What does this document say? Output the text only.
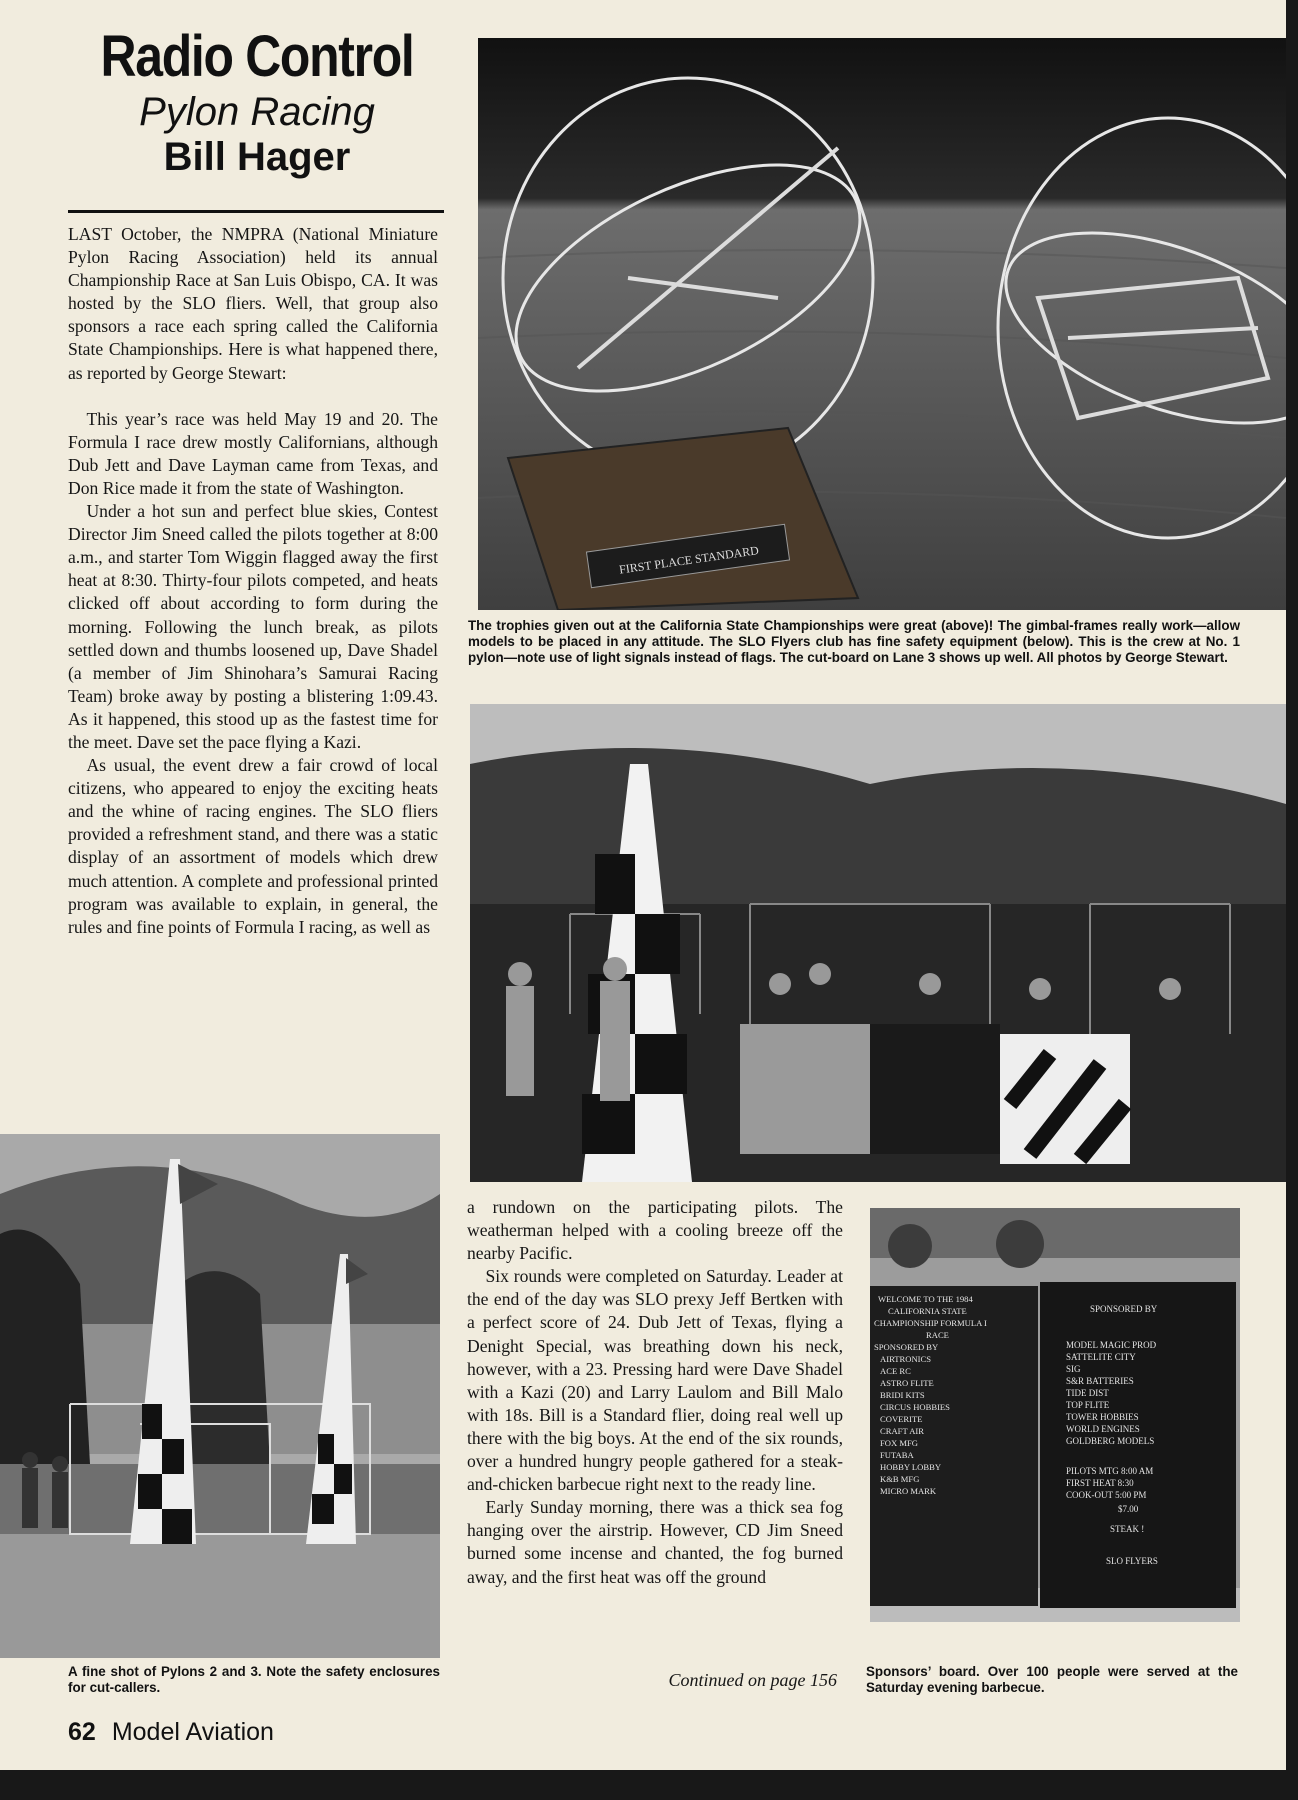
Radio Control
Pylon Racing
Bill Hager

LAST October, the NMPRA (National Miniature Pylon Racing Association) held its annual Championship Race at San Luis Obispo, CA. It was hosted by the SLO fliers. Well, that group also sponsors a race each spring called the California State Championships. Here is what happened there, as reported by George Stewart:

This year’s race was held May 19 and 20. The Formula I race drew mostly Californians, although Dub Jett and Dave Layman came from Texas, and Don Rice made it from the state of Washington.

Under a hot sun and perfect blue skies, Contest Director Jim Sneed called the pilots together at 8:00 a.m., and starter Tom Wiggin flagged away the first heat at 8:30. Thirty-four pilots competed, and heats clicked off about according to form during the morning. Following the lunch break, as pilots settled down and thumbs loosened up, Dave Shadel (a member of Jim Shinohara’s Samurai Racing Team) broke away by posting a blistering 1:09.43. As it happened, this stood up as the fastest time for the meet. Dave set the pace flying a Kazi.

As usual, the event drew a fair crowd of local citizens, who appeared to enjoy the exciting heats and the whine of racing engines. The SLO fliers provided a refreshment stand, and there was a static display of an assortment of models which drew much attention. A complete and professional printed program was available to explain, in general, the rules and fine points of Formula I racing, as well as

FIRST PLACE STANDARD
The trophies given out at the California State Championships were great (above)! The gimbal-frames really work—allow models to be placed in any attitude. The SLO Flyers club has fine safety equipment (below). This is the crew at No. 1 pylon—note use of light signals instead of flags. The cut-board on Lane 3 shows up well. All photos by George Stewart.
A fine shot of Pylons 2 and 3. Note the safety enclosures for cut-callers.

a rundown on the participating pilots. The weatherman helped with a cooling breeze off the nearby Pacific.

Six rounds were completed on Saturday. Leader at the end of the day was SLO prexy Jeff Bertken with a perfect score of 24. Dub Jett of Texas, flying a Denight Special, was breathing down his neck, however, with a 23. Pressing hard were Dave Shadel with a Kazi (20) and Larry Laulom and Bill Malo with 18s. Bill is a Standard flier, doing real well up there with the big boys. At the end of the six rounds, over a hundred hungry people gathered for a steak-and-chicken barbecue right next to the ready line.

Early Sunday morning, there was a thick sea fog hanging over the airstrip. However, CD Jim Sneed burned some incense and chanted, the fog burned away, and the first heat was off the ground

Continued on page 156
WELCOME TO THE 1984 CALIFORNIA STATE CHAMPIONSHIP FORMULA I RACE SPONSORED BY AIRTRONICS ACE RC ASTRO FLITE BRIDI KITS CIRCUS HOBBIES COVERITE CRAFT AIR FOX MFG FUTABA HOBBY LOBBY K&B MFG MICRO MARK
SPONSORED BY MODEL MAGIC PROD SATTELITE CITY SIG S&R BATTERIES TIDE DIST TOP FLITE TOWER HOBBIES WORLD ENGINES GOLDBERG MODELS PILOTS MTG 8:00 AM FIRST HEAT 8:30 COOK-OUT 5:00 PM $7.00 STEAK ! SLO FLYERS
Sponsors’ board. Over 100 people were served at the Saturday evening barbecue.
62 Model Aviation
